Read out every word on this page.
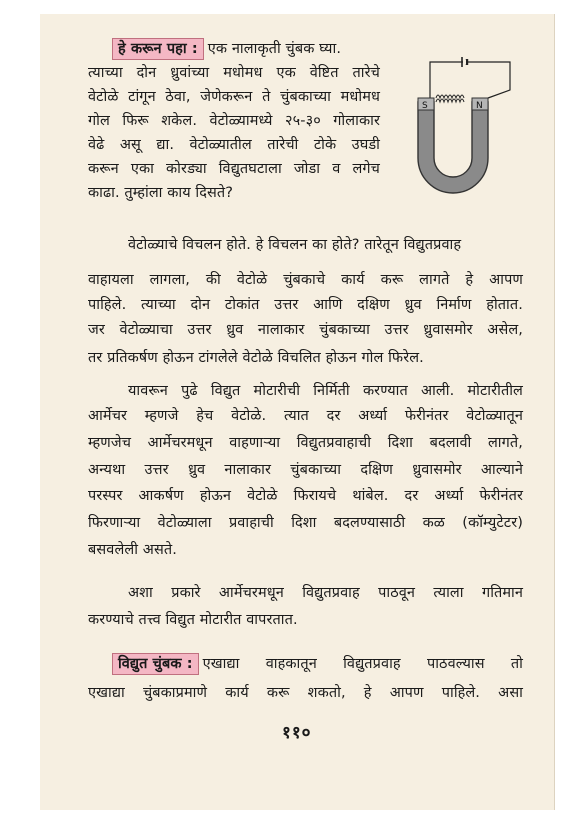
हे करून पहा : एक नालाकृती चुंबक घ्या.
त्याच्या दोन ध्रुवांच्या मधोमध एक वेष्टित तारेचे
वेटोळे टांगून ठेवा, जेणेकरून ते चुंबकाच्या मधोमध
गोल फिरू शकेल. वेटोळ्यामध्ये २५-३० गोलाकार
वेढे असू द्या. वेटोळ्यातील तारेची टोके उघडी
करून एका कोरड्या विद्युतघटाला जोडा व लगेच
काढा. तुम्हांला काय दिसते?
S	N
वेटोळ्याचे विचलन होते. हे विचलन का होते? तारेतून विद्युतप्रवाह
वाहायला लागला, की वेटोळे चुंबकाचे कार्य करू लागते हे आपण
पाहिले. त्याच्या दोन टोकांत उत्तर आणि दक्षिण ध्रुव निर्माण होतात.
जर वेटोळ्याचा उत्तर ध्रुव नालाकार चुंबकाच्या उत्तर ध्रुवासमोर असेल,
तर प्रतिकर्षण होऊन टांगलेले वेटोळे विचलित होऊन गोल फिरेल.
यावरून पुढे विद्युत मोटारीची निर्मिती करण्यात आली. मोटारीतील
आर्मेचर म्हणजे हेच वेटोळे. त्यात दर अर्ध्या फेरीनंतर वेटोळ्यातून
म्हणजेच आर्मेचरमधून वाहणाऱ्या विद्युतप्रवाहाची दिशा बदलावी लागते,
अन्यथा उत्तर ध्रुव नालाकार चुंबकाच्या दक्षिण ध्रुवासमोर आल्याने
परस्पर आकर्षण होऊन वेटोळे फिरायचे थांबेल. दर अर्ध्या फेरीनंतर
फिरणाऱ्या वेटोळ्याला प्रवाहाची दिशा बदलण्यासाठी कळ (कॉम्युटेटर)
बसवलेली असते.
अशा प्रकारे आर्मेचरमधून विद्युतप्रवाह पाठवून त्याला गतिमान
करण्याचे तत्त्व विद्युत मोटारीत वापरतात.
विद्युत चुंबक : एखाद्या वाहकातून विद्युतप्रवाह पाठवल्यास तो
एखाद्या चुंबकाप्रमाणे कार्य करू शकतो, हे आपण पाहिले. असा
११०
